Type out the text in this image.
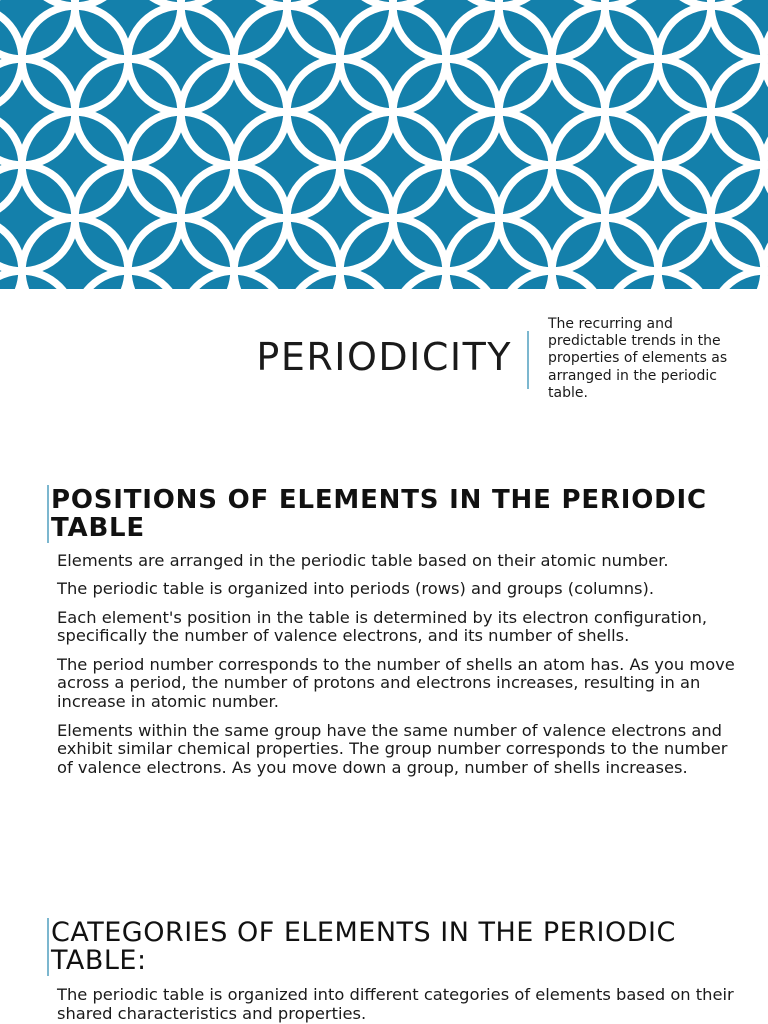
PERIODICITY

The recurring and predictable trends in the properties of elements as arranged in the periodic table.

POSITIONS OF ELEMENTS IN THE PERIODIC TABLE
Elements are arranged in the periodic table based on their atomic number.
The periodic table is organized into periods (rows) and groups (columns).
Each element's position in the table is determined by its electron configuration, specifically the number of valence electrons, and its number of shells.
The period number corresponds to the number of shells an atom has. As you move across a period, the number of protons and electrons increases, resulting in an increase in atomic number.
Elements within the same group have the same number of valence electrons and exhibit similar chemical properties. The group number corresponds to the number of valence electrons. As you move down a group, number of shells increases.
CATEGORIES OF ELEMENTS IN THE PERIODIC TABLE:

The periodic table is organized into different categories of elements based on their shared characteristics and properties.
